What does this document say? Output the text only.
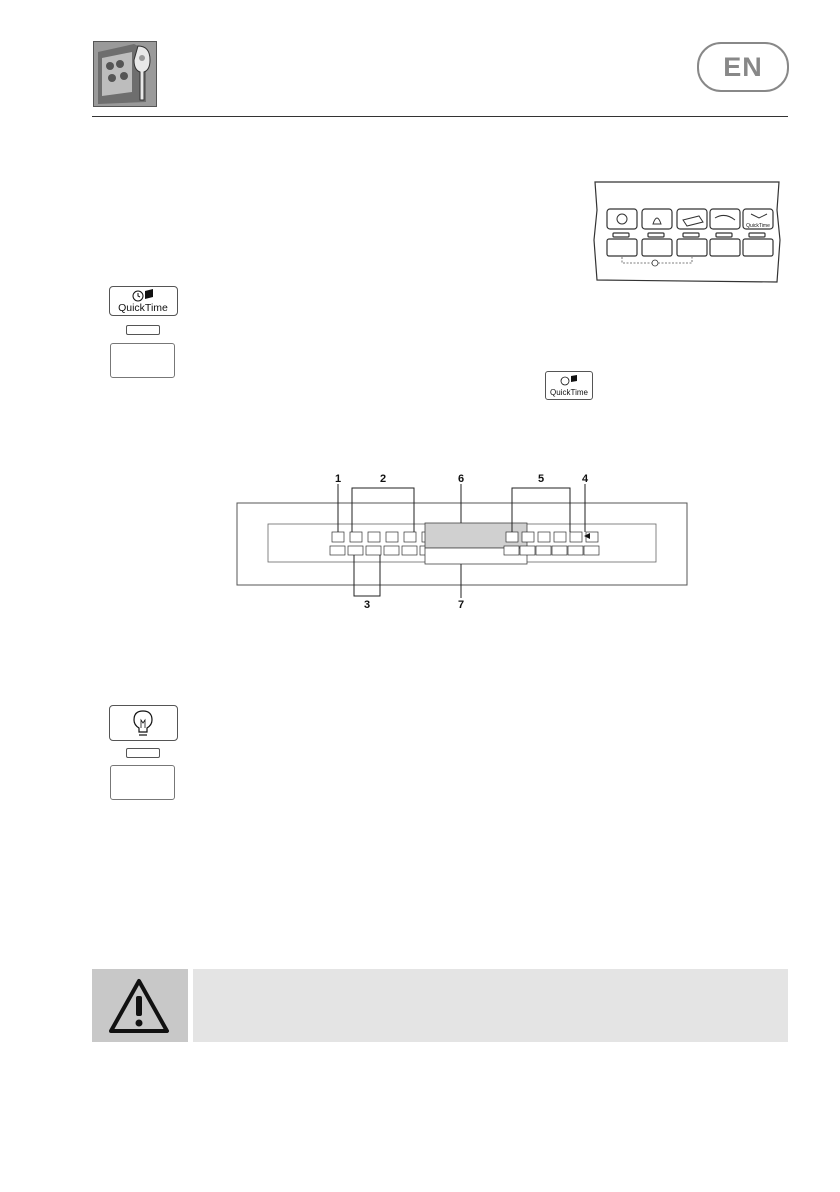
EN
QuickTime
QuickTime
QuickTime
1	2	6	5	4
3	7
